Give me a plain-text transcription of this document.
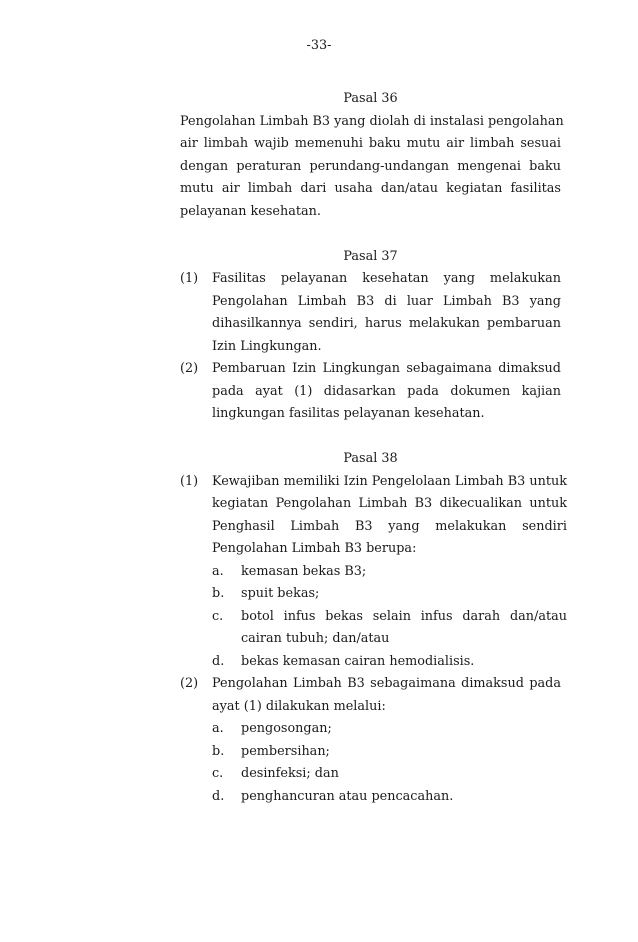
-33-
Pasal 36
Pengolahan Limbah B3 yang diolah di instalasi pengolahan
air limbah wajib memenuhi baku mutu air limbah sesuai
dengan peraturan perundang-undangan mengenai baku
mutu air limbah dari usaha dan/atau kegiatan fasilitas
pelayanan kesehatan.
Pasal 37
(1)	Fasilitas pelayanan kesehatan yang melakukan
Pengolahan Limbah B3 di luar Limbah B3 yang
dihasilkannya sendiri, harus melakukan pembaruan
Izin Lingkungan.
(2)	Pembaruan Izin Lingkungan sebagaimana dimaksud
pada ayat (1) didasarkan pada dokumen kajian
lingkungan fasilitas pelayanan kesehatan.
Pasal 38
(1)	Kewajiban memiliki Izin Pengelolaan Limbah B3 untuk
kegiatan Pengolahan Limbah B3 dikecualikan untuk
Penghasil Limbah B3 yang melakukan sendiri
Pengolahan Limbah B3 berupa:
a.	kemasan bekas B3;
b.	spuit bekas;
c.	botol infus bekas selain infus darah dan/atau
cairan tubuh; dan/atau
d.	bekas kemasan cairan hemodialisis.
(2)	Pengolahan Limbah B3 sebagaimana dimaksud pada
ayat (1) dilakukan melalui:
a.	pengosongan;
b.	pembersihan;
c.	desinfeksi; dan
d.	penghancuran atau pencacahan.
